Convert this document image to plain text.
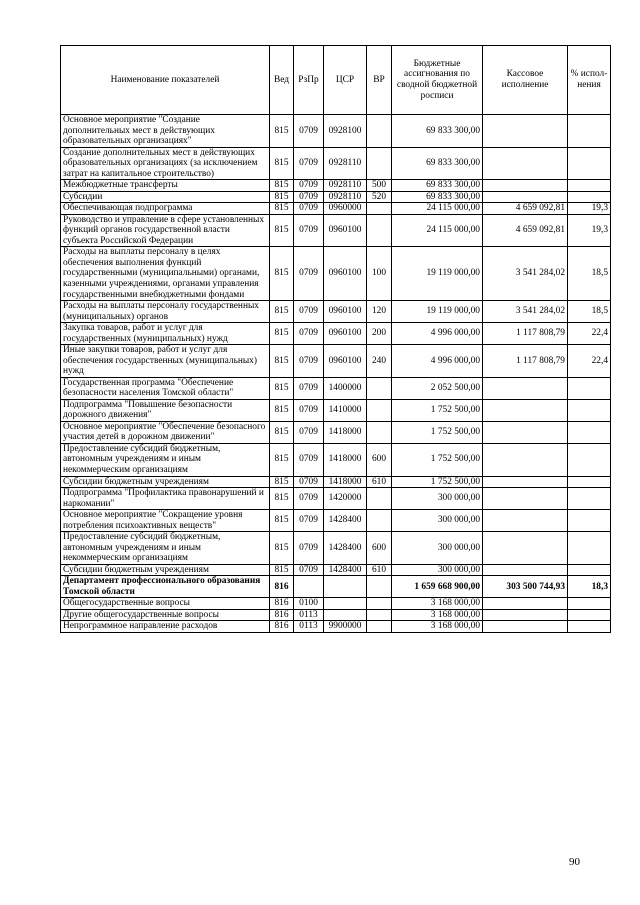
Наименование показателей	Вед	РзПр	ЦСР	ВР	Бюджетные ассигнования по сводной бюджетной росписи	Кассовое исполнение	% испол-нения
Основное мероприятие "Создание дополнительных мест в действующих образовательных организациях"	815	0709	0928100		69 833 300,00		
Создание дополнительных мест в действующих образовательных организациях (за исключением затрат на капитальное строительство)	815	0709	0928110		69 833 300,00		
Межбюджетные трансферты	815	0709	0928110	500	69 833 300,00		
Субсидии	815	0709	0928110	520	69 833 300,00		
Обеспечивающая подпрограмма	815	0709	0960000		24 115 000,00	4 659 092,81	19,3
Руководство и управление в сфере установленных функций органов государственной власти субъекта Российской Федерации	815	0709	0960100		24 115 000,00	4 659 092,81	19,3
Расходы на выплаты персоналу в целях обеспечения выполнения функций государственными (муниципальными) органами, казенными учреждениями, органами управления государственными внебюджетными фондами	815	0709	0960100	100	19 119 000,00	3 541 284,02	18,5
Расходы на выплаты персоналу государственных (муниципальных) органов	815	0709	0960100	120	19 119 000,00	3 541 284,02	18,5
Закупка товаров, работ и услуг для государственных (муниципальных) нужд	815	0709	0960100	200	4 996 000,00	1 117 808,79	22,4
Иные закупки товаров, работ и услуг для обеспечения государственных (муниципальных) нужд	815	0709	0960100	240	4 996 000,00	1 117 808,79	22,4
Государственная программа "Обеспечение безопасности населения Томской области"	815	0709	1400000		2 052 500,00		
Подпрограмма "Повышение безопасности дорожного движения"	815	0709	1410000		1 752 500,00		
Основное мероприятие "Обеспечение безопасного участия детей в дорожном движении"	815	0709	1418000		1 752 500,00		
Предоставление субсидий бюджетным, автономным учреждениям и иным некоммерческим организациям	815	0709	1418000	600	1 752 500,00		
Субсидии бюджетным учреждениям	815	0709	1418000	610	1 752 500,00		
Подпрограмма "Профилактика правонарушений и наркомании"	815	0709	1420000		300 000,00		
Основное мероприятие "Сокращение уровня потребления психоактивных веществ"	815	0709	1428400		300 000,00		
Предоставление субсидий бюджетным, автономным учреждениям и иным некоммерческим организациям	815	0709	1428400	600	300 000,00		
Субсидии бюджетным учреждениям	815	0709	1428400	610	300 000,00		
Департамент профессионального образования Томской области	816				1 659 668 900,00	303 500 744,93	18,3
Общегосударственные вопросы	816	0100			3 168 000,00		
Другие общегосударственные вопросы	816	0113			3 168 000,00		
Непрограммное направление расходов	816	0113	9900000		3 168 000,00		
90
